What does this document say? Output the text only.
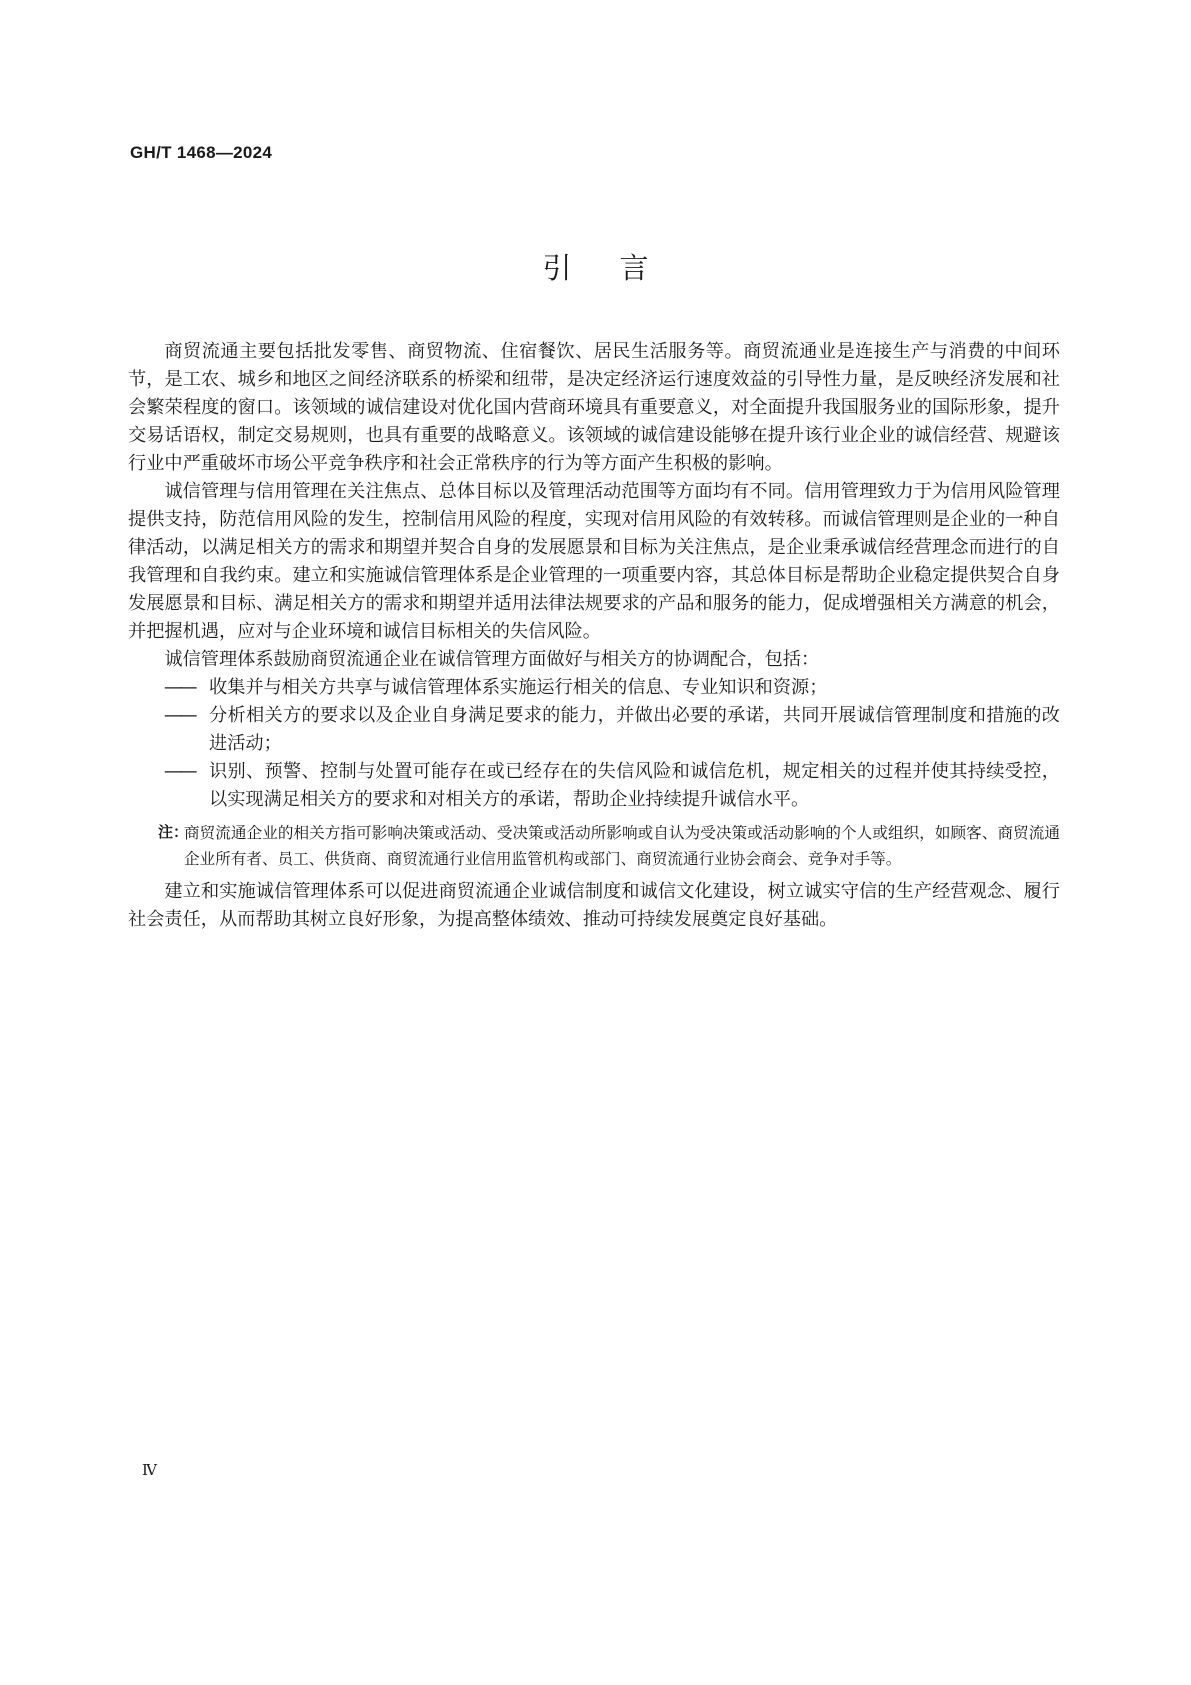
GH/T 1468—2024
引言

商贸流通主要包括批发零售、商贸物流、住宿餐饮、居民生活服务等。商贸流通业是连接生产与消费的中间环节，是工农、城乡和地区之间经济联系的桥梁和纽带，是决定经济运行速度效益的引导性力量，是反映经济发展和社会繁荣程度的窗口。该领域的诚信建设对优化国内营商环境具有重要意义，对全面提升我国服务业的国际形象，提升交易话语权，制定交易规则，也具有重要的战略意义。该领域的诚信建设能够在提升该行业企业的诚信经营、规避该行业中严重破坏市场公平竞争秩序和社会正常秩序的行为等方面产生积极的影响。

诚信管理与信用管理在关注焦点、总体目标以及管理活动范围等方面均有不同。信用管理致力于为信用风险管理提供支持，防范信用风险的发生，控制信用风险的程度，实现对信用风险的有效转移。而诚信管理则是企业的一种自律活动，以满足相关方的需求和期望并契合自身的发展愿景和目标为关注焦点，是企业秉承诚信经营理念而进行的自我管理和自我约束。建立和实施诚信管理体系是企业管理的一项重要内容，其总体目标是帮助企业稳定提供契合自身发展愿景和目标、满足相关方的需求和期望并适用法律法规要求的产品和服务的能力，促成增强相关方满意的机会，并把握机遇，应对与企业环境和诚信目标相关的失信风险。

诚信管理体系鼓励商贸流通企业在诚信管理方面做好与相关方的协调配合，包括：

—— 收集并与相关方共享与诚信管理体系实施运行相关的信息、专业知识和资源；
—— 分析相关方的要求以及企业自身满足要求的能力，并做出必要的承诺，共同开展诚信管理制度和措施的改进活动；
—— 识别、预警、控制与处置可能存在或已经存在的失信风险和诚信危机，规定相关的过程并使其持续受控，以实现满足相关方的要求和对相关方的承诺，帮助企业持续提升诚信水平。
注：
商贸流通企业的相关方指可影响决策或活动、受决策或活动所影响或自认为受决策或活动影响的个人或组织，如顾客、商贸流通企业所有者、员工、供货商、商贸流通行业信用监管机构或部门、商贸流通行业协会商会、竞争对手等。

建立和实施诚信管理体系可以促进商贸流通企业诚信制度和诚信文化建设，树立诚实守信的生产经营观念、履行社会责任，从而帮助其树立良好形象，为提高整体绩效、推动可持续发展奠定良好基础。

Ⅳ
